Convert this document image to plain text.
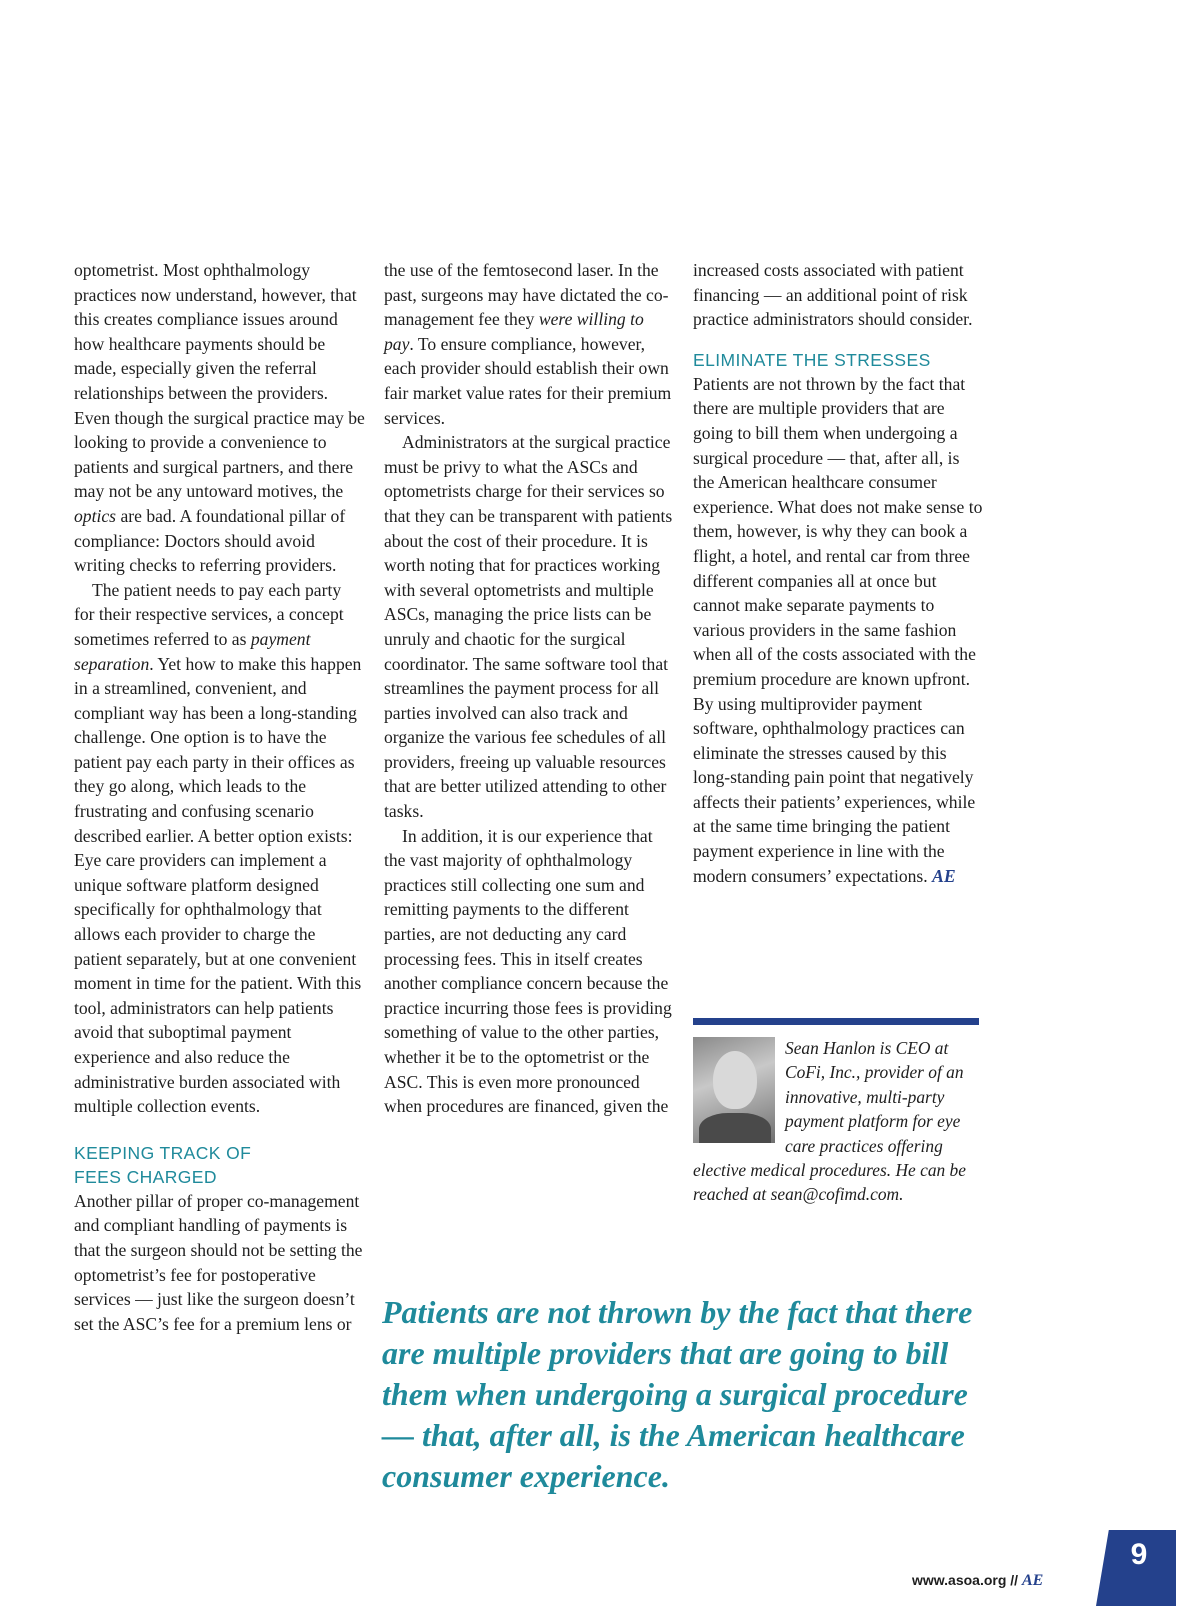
optometrist. Most ophthalmology practices now understand, however, that this creates compliance issues around how healthcare payments should be made, especially given the referral relationships between the providers. Even though the surgical practice may be looking to provide a convenience to patients and surgical partners, and there may not be any untoward motives, the optics are bad. A foundational pillar of compliance: Doctors should avoid writing checks to referring providers.

The patient needs to pay each party for their respective services, a concept sometimes referred to as payment separation. Yet how to make this happen in a streamlined, convenient, and compliant way has been a long-standing challenge. One option is to have the patient pay each party in their offices as they go along, which leads to the frustrating and confusing scenario described earlier. A better option exists: Eye care providers can implement a unique software platform designed specifically for ophthalmology that allows each provider to charge the patient separately, but at one convenient moment in time for the patient. With this tool, administrators can help patients avoid that suboptimal payment experience and also reduce the administrative burden associated with multiple collection events.

KEEPING TRACK OF
FEES CHARGED

Another pillar of proper co-management and compliant handling of payments is that the surgeon should not be setting the optometrist’s fee for postoperative services — just like the surgeon doesn’t set the ASC’s fee for a premium lens or

the use of the femtosecond laser. In the past, surgeons may have dictated the co-management fee they were willing to pay. To ensure compliance, however, each provider should establish their own fair market value rates for their premium services.

Administrators at the surgical practice must be privy to what the ASCs and optometrists charge for their services so that they can be transparent with patients about the cost of their procedure. It is worth noting that for practices working with several optometrists and multiple ASCs, managing the price lists can be unruly and chaotic for the surgical coordinator. The same software tool that streamlines the payment process for all parties involved can also track and organize the various fee schedules of all providers, freeing up valuable resources that are better utilized attending to other tasks.

In addition, it is our experience that the vast majority of ophthalmology practices still collecting one sum and remitting payments to the different parties, are not deducting any card processing fees. This in itself creates another compliance concern because the practice incurring those fees is providing something of value to the other parties, whether it be to the optometrist or the ASC. This is even more pronounced when procedures are financed, given the

increased costs associated with patient financing — an additional point of risk practice administrators should consider.

ELIMINATE THE STRESSES

Patients are not thrown by the fact that there are multiple providers that are going to bill them when undergoing a surgical procedure — that, after all, is the American healthcare consumer experience. What does not make sense to them, however, is why they can book a flight, a hotel, and rental car from three different companies all at once but cannot make separate payments to various providers in the same fashion when all of the costs associated with the premium procedure are known upfront.

By using multiprovider payment software, ophthalmology practices can eliminate the stresses caused by this long-standing pain point that negatively affects their patients’ experiences, while at the same time bringing the patient payment experience in line with the modern consumers’ expectations. AE

Sean Hanlon is CEO at CoFi, Inc., provider of an innovative, multi-party payment platform for eye care practices offering elective medical procedures. He can be reached at sean@cofimd.com.

Patients are not thrown by the fact that there are multiple providers that are going to bill them when undergoing a surgical procedure — that, after all, is the American healthcare consumer experience.

www.asoa.org // AE
9
